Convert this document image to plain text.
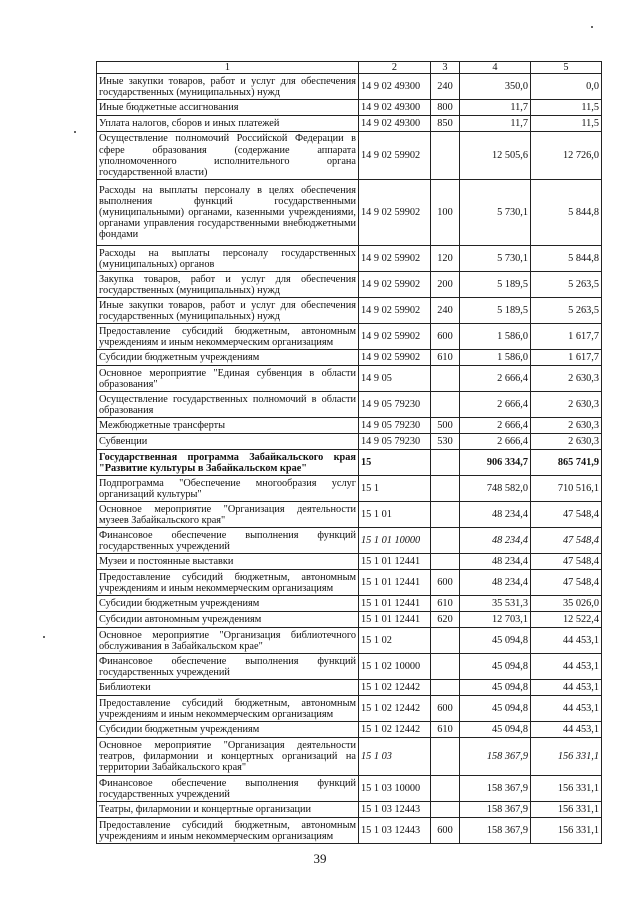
1	2	3	4	5
Иные закупки товаров, работ и услуг для обеспечения государственных (муниципальных) нужд	14 9 02 49300	240	350,0	0,0
Иные бюджетные ассигнования	14 9 02 49300	800	11,7	11,5
Уплата налогов, сборов и иных платежей	14 9 02 49300	850	11,7	11,5
Осуществление полномочий Российской Федерации в сфере образования (содержание аппарата уполномоченного исполнительного органа государственной власти)	14 9 02 59902		12 505,6	12 726,0
Расходы на выплаты персоналу в целях обеспечения выполнения функций государственными (муниципальными) органами, казенными учреждениями, органами управления государственными внебюджетными фондами	14 9 02 59902	100	5 730,1	5 844,8
Расходы на выплаты персоналу государственных (муниципальных) органов	14 9 02 59902	120	5 730,1	5 844,8
Закупка товаров, работ и услуг для обеспечения государственных (муниципальных) нужд	14 9 02 59902	200	5 189,5	5 263,5
Иные закупки товаров, работ и услуг для обеспечения государственных (муниципальных) нужд	14 9 02 59902	240	5 189,5	5 263,5
Предоставление субсидий бюджетным, автономным учреждениям и иным некоммерческим организациям	14 9 02 59902	600	1 586,0	1 617,7
Субсидии бюджетным учреждениям	14 9 02 59902	610	1 586,0	1 617,7
Основное мероприятие "Единая субвенция в области образования"	14 9 05		2 666,4	2 630,3
Осуществление государственных полномочий в области образования	14 9 05 79230		2 666,4	2 630,3
Межбюджетные трансферты	14 9 05 79230	500	2 666,4	2 630,3
Субвенции	14 9 05 79230	530	2 666,4	2 630,3
Государственная программа Забайкальского края "Развитие культуры в Забайкальском крае"	15		906 334,7	865 741,9
Подпрограмма "Обеспечение многообразия услуг организаций культуры"	15 1		748 582,0	710 516,1
Основное мероприятие "Организация деятельности музеев Забайкальского края"	15 1 01		48 234,4	47 548,4
Финансовое обеспечение выполнения функций государственных учреждений	15 1 01 10000		48 234,4	47 548,4
Музеи и постоянные выставки	15 1 01 12441		48 234,4	47 548,4
Предоставление субсидий бюджетным, автономным учреждениям и иным некоммерческим организациям	15 1 01 12441	600	48 234,4	47 548,4
Субсидии бюджетным учреждениям	15 1 01 12441	610	35 531,3	35 026,0
Субсидии автономным учреждениям	15 1 01 12441	620	12 703,1	12 522,4
Основное мероприятие "Организация библиотечного обслуживания в Забайкальском крае"	15 1 02		45 094,8	44 453,1
Финансовое обеспечение выполнения функций государственных учреждений	15 1 02 10000		45 094,8	44 453,1
Библиотеки	15 1 02 12442		45 094,8	44 453,1
Предоставление субсидий бюджетным, автономным учреждениям и иным некоммерческим организациям	15 1 02 12442	600	45 094,8	44 453,1
Субсидии бюджетным учреждениям	15 1 02 12442	610	45 094,8	44 453,1
Основное мероприятие "Организация деятельности театров, филармонии и концертных организаций на территории Забайкальского края"	15 1 03		158 367,9	156 331,1
Финансовое обеспечение выполнения функций государственных учреждений	15 1 03 10000		158 367,9	156 331,1
Театры, филармонии и концертные организации	15 1 03 12443		158 367,9	156 331,1
Предоставление субсидий бюджетным, автономным учреждениям и иным некоммерческим организациям	15 1 03 12443	600	158 367,9	156 331,1
39
